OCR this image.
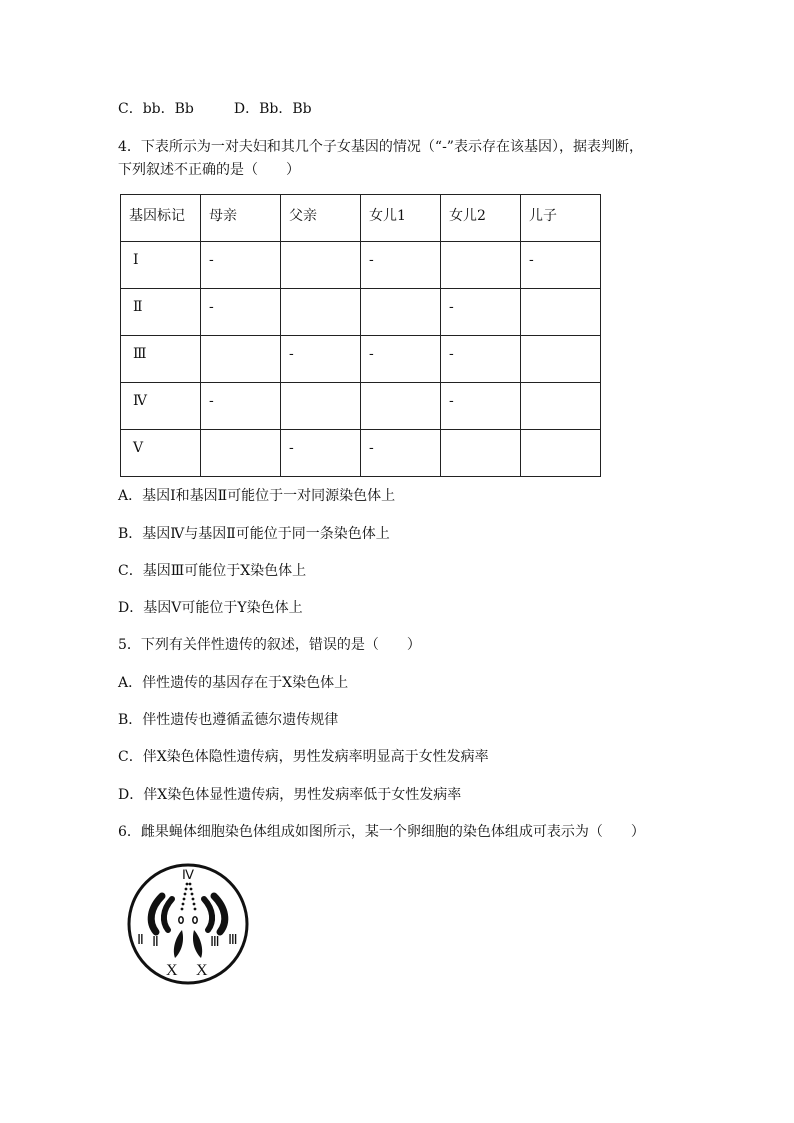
C．bb．Bb	D．Bb．Bb
4．下表所示为一对夫妇和其几个子女基因的情况（“-”表示存在该基因），据表判断，
下列叙述不正确的是（　　）
基因标记	母亲	父亲	女儿1	女儿2	儿子
Ⅰ	-		-		-
Ⅱ	-			-	
Ⅲ		-	-	-	
Ⅳ	-			-	
Ⅴ		-	-		
A．基因Ⅰ和基因Ⅱ可能位于一对同源染色体上
B．基因Ⅳ与基因Ⅱ可能位于同一条染色体上
C．基因Ⅲ可能位于X染色体上
D．基因Ⅴ可能位于Y染色体上
5．下列有关伴性遗传的叙述，错误的是（　　）
A．伴性遗传的基因存在于X染色体上
B．伴性遗传也遵循孟德尔遗传规律
C．伴X染色体隐性遗传病，男性发病率明显高于女性发病率
D．伴X染色体显性遗传病，男性发病率低于女性发病率
6．雌果蝇体细胞染色体组成如图所示，某一个卵细胞的染色体组成可表示为（　　）
Ⅳ
Ⅱ Ⅱ	Ⅲ Ⅲ
X X
